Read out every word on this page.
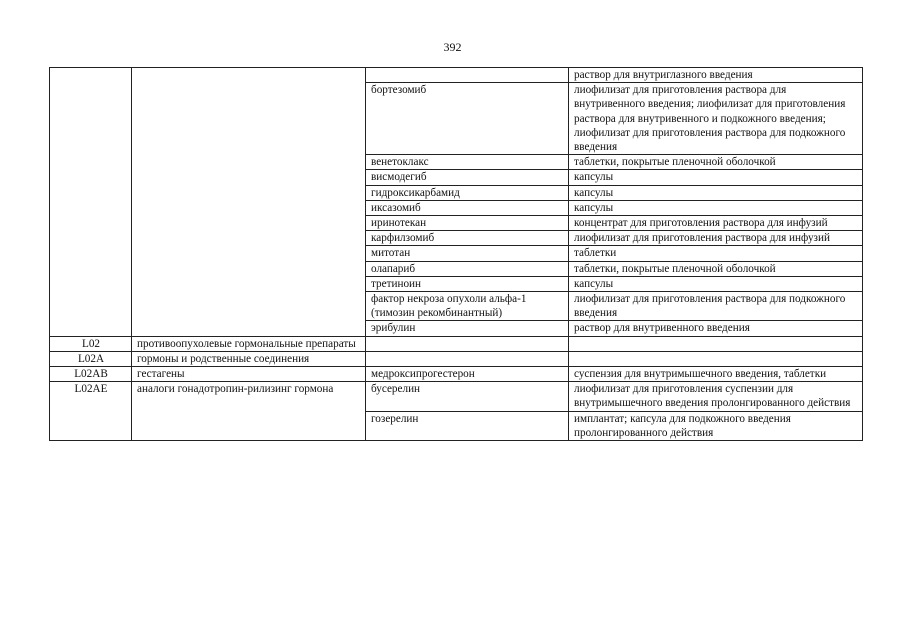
392
			раствор для внутриглазного введения
		бортезомиб	лиофилизат для приготовления раствора для внутривенного введения; лиофилизат для приготовления раствора для внутривенного и подкожного введения; лиофилизат для приготовления раствора для подкожного введения
		венетоклакс	таблетки, покрытые пленочной оболочкой
		висмодегиб	капсулы
		гидроксикарбамид	капсулы
		иксазомиб	капсулы
		иринотекан	концентрат для приготовления раствора для инфузий
		карфилзомиб	лиофилизат для приготовления раствора для инфузий
		митотан	таблетки
		олапариб	таблетки, покрытые пленочной оболочкой
		третиноин	капсулы
		фактор некроза опухоли альфа-1 (тимозин рекомбинантный)	лиофилизат для приготовления раствора для подкожного введения
		эрибулин	раствор для внутривенного введения
L02	противоопухолевые гормональные препараты		
L02A	гормоны и родственные соединения		
L02AB	гестагены	медроксипрогестерон	суспензия для внутримышечного введения, таблетки
L02AE	аналоги гонадотропин-рилизинг гормона	бусерелин	лиофилизат для приготовления суспензии для внутримышечного введения пролонгированного действия
		гозерелин	имплантат; капсула для подкожного введения пролонгированного действия
